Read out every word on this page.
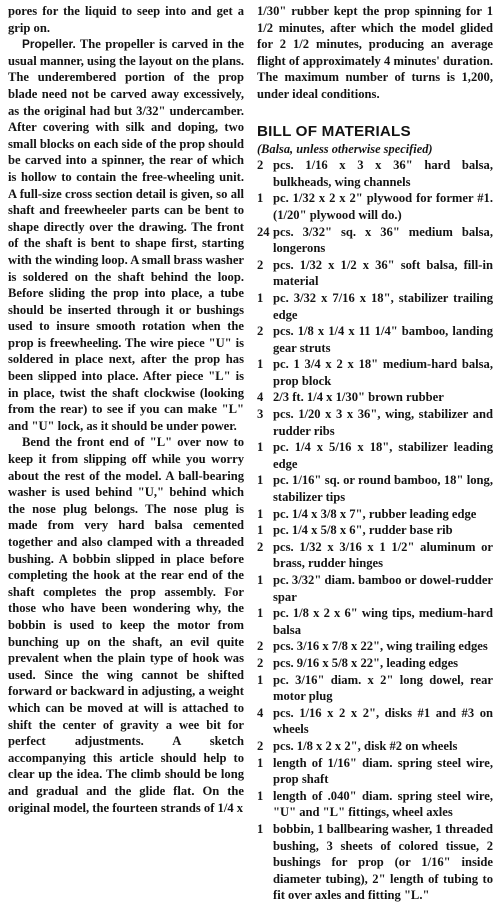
pores for the liquid to seep into and get a grip on.

Propeller. The propeller is carved in the usual manner, using the layout on the plans. The underembered portion of the prop blade need not be carved away excessively, as the original had but 3/32" undercamber. After covering with silk and doping, two small blocks on each side of the prop should be carved into a spinner, the rear of which is hollow to contain the free-wheeling unit. A full-size cross section detail is given, so all shaft and freewheeler parts can be bent to shape directly over the drawing. The front of the shaft is bent to shape first, starting with the winding loop. A small brass washer is soldered on the shaft behind the loop. Before sliding the prop into place, a tube should be inserted through it or bushings used to insure smooth rotation when the prop is freewheeling. The wire piece "U" is soldered in place next, after the prop has been slipped into place. After piece "L" is in place, twist the shaft clockwise (looking from the rear) to see if you can make "L" and "U" lock, as it should be under power.

Bend the front end of "L" over now to keep it from slipping off while you worry about the rest of the model. A ball-bearing washer is used behind "U," behind which the nose plug belongs. The nose plug is made from very hard balsa cemented together and also clamped with a threaded bushing. A bobbin slipped in place before completing the hook at the rear end of the shaft completes the prop assembly. For those who have been wondering why, the bobbin is used to keep the motor from bunching up on the shaft, an evil quite prevalent when the plain type of hook was used. Since the wing cannot be shifted forward or backward in adjusting, a weight which can be moved at will is attached to shift the center of gravity a wee bit for perfect adjustments. A sketch accompanying this article should help to clear up the idea. The climb should be long and gradual and the glide flat. On the original model, the fourteen strands of 1/4 x

1/30" rubber kept the prop spinning for 1 1/2 minutes, after which the model glided for 2 1/2 minutes, producing an average flight of approximately 4 minutes' duration. The maximum number of turns is 1,200, under ideal conditions.

BILL OF MATERIALS

(Balsa, unless otherwise specified)

2 pcs. 1/16 x 3 x 36" hard balsa, bulkheads, wing channels
1 pc. 1/32 x 2 x 2" plywood for former #1. (1/20" plywood will do.)
24 pcs. 3/32" sq. x 36" medium balsa, longerons
2 pcs. 1/32 x 1/2 x 36" soft balsa, fill-in material
1 pc. 3/32 x 7/16 x 18", stabilizer trailing edge
2 pcs. 1/8 x 1/4 x 11 1/4" bamboo, landing gear struts
1 pc. 1 3/4 x 2 x 18" medium-hard balsa, prop block
4 2/3 ft. 1/4 x 1/30" brown rubber
3 pcs. 1/20 x 3 x 36", wing, stabilizer and rudder ribs
1 pc. 1/4 x 5/16 x 18", stabilizer leading edge
1 pc. 1/16" sq. or round bamboo, 18" long, stabilizer tips
1 pc. 1/4 x 3/8 x 7", rubber leading edge
1 pc. 1/4 x 5/8 x 6", rudder base rib
2 pcs. 1/32 x 3/16 x 1 1/2" aluminum or brass, rudder hinges
1 pc. 3/32" diam. bamboo or dowel-rudder spar
1 pc. 1/8 x 2 x 6" wing tips, medium-hard balsa
2 pcs. 3/16 x 7/8 x 22", wing trailing edges
2 pcs. 9/16 x 5/8 x 22", leading edges
1 pc. 3/16" diam. x 2" long dowel, rear motor plug
4 pcs. 1/16 x 2 x 2", disks #1 and #3 on wheels
2 pcs. 1/8 x 2 x 2", disk #2 on wheels
1 length of 1/16" diam. spring steel wire, prop shaft
1 length of .040" diam. spring steel wire, "U" and "L" fittings, wheel axles
1 bobbin, 1 ballbearing washer, 1 threaded bushing, 3 sheets of colored tissue, 2 bushings for prop (or 1/16" inside diameter tubing), 2" length of tubing to fit over axles and fitting "L."
